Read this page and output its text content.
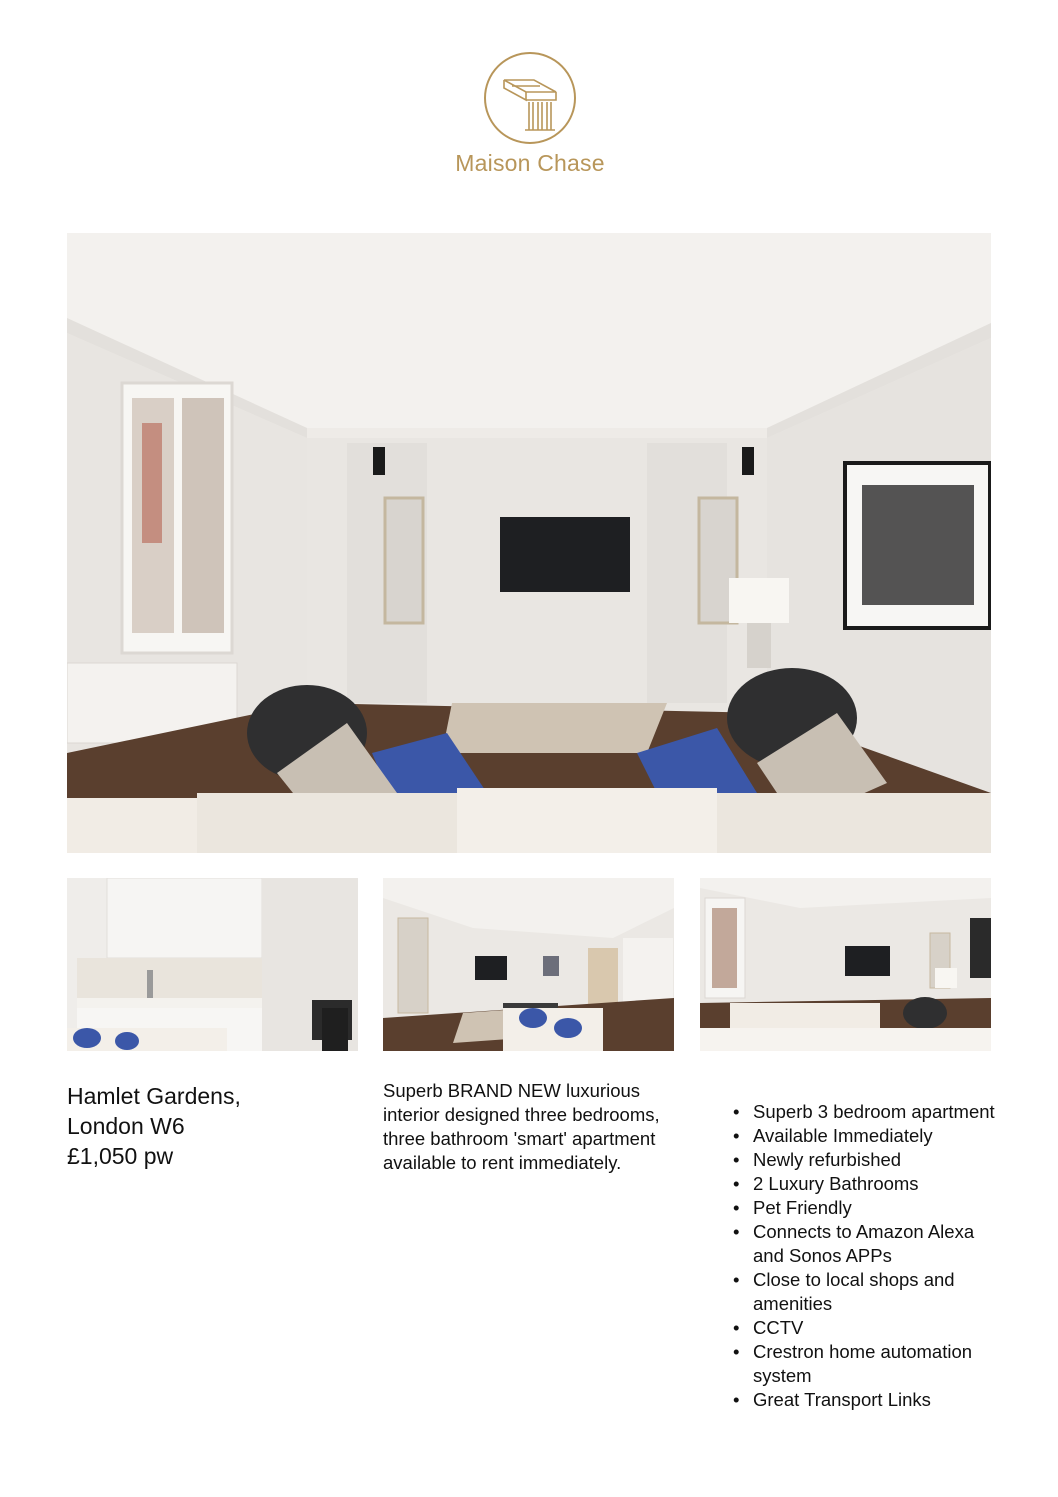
Maison Chase
Hamlet Gardens,
London W6
£1,050 pw
Superb BRAND NEW luxurious interior designed three bedrooms, three bathroom 'smart' apartment available to rent immediately.
• Superb 3 bedroom apartment
• Available Immediately
• Newly refurbished
• 2 Luxury Bathrooms
• Pet Friendly
• Connects to Amazon Alexa and Sonos APPs
• Close to local shops and amenities
• CCTV
• Crestron home automation system
• Great Transport Links
